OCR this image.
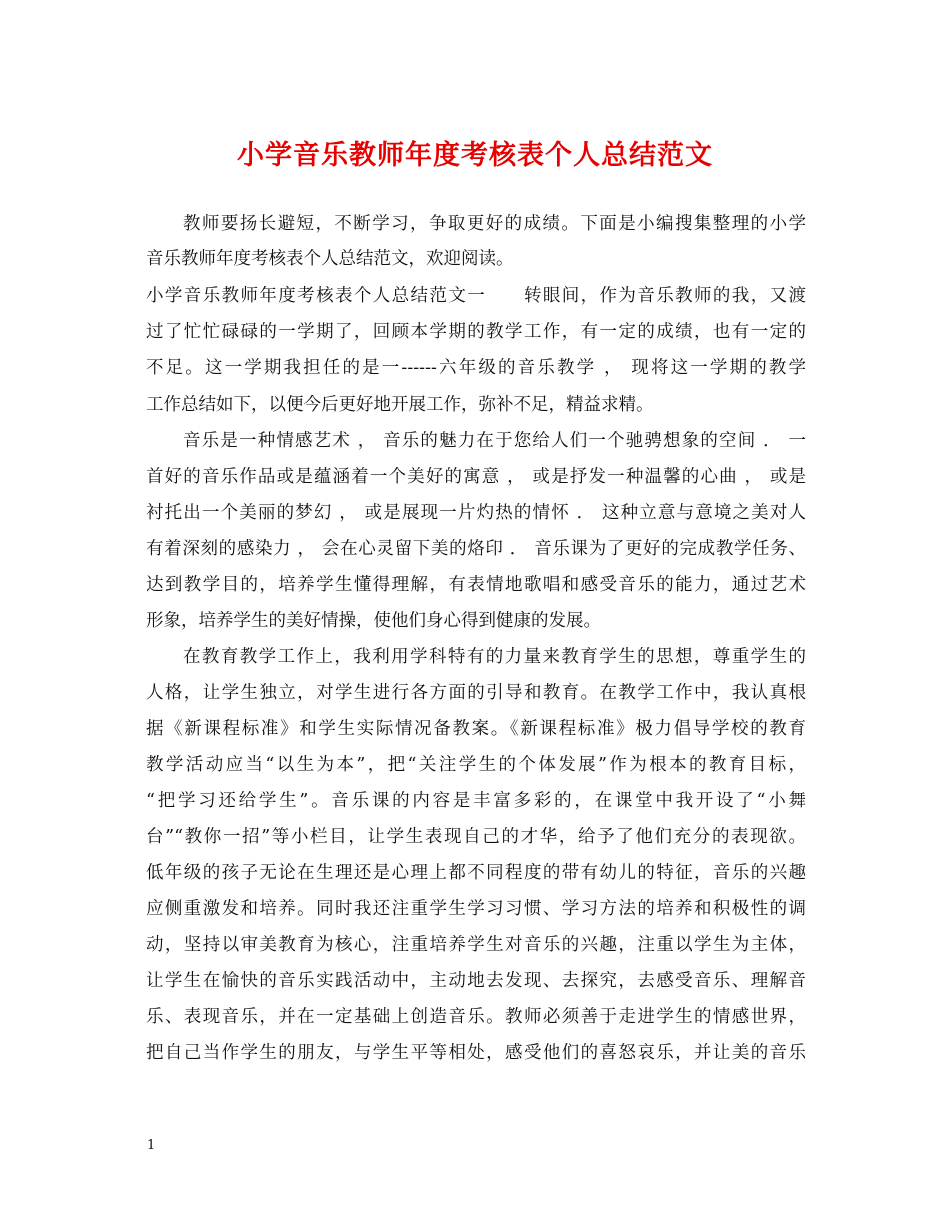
小学音乐教师年度考核表个人总结范文

教师要扬长避短，不断学习，争取更好的成绩。下面是小编搜集整理的小学

音乐教师年度考核表个人总结范文，欢迎阅读。

小学音乐教师年度考核表个人总结范文一　　转眼间，作为音乐教师的我，又渡

过了忙忙碌碌的一学期了，回顾本学期的教学工作，有一定的成绩，也有一定的

不足。这一学期我担任的是一------六年级的音乐教学 ， 现将这一学期的教学

工作总结如下，以便今后更好地开展工作，弥补不足，精益求精。

音乐是一种情感艺术 ， 音乐的魅力在于您给人们一个驰骋想象的空间 ． 一

首好的音乐作品或是蕴涵着一个美好的寓意 ， 或是抒发一种温馨的心曲 ， 或是

衬托出一个美丽的梦幻 ， 或是展现一片灼热的情怀 ． 这种立意与意境之美对人

有着深刻的感染力 ， 会在心灵留下美的烙印 ． 音乐课为了更好的完成教学任务、

达到教学目的，培养学生懂得理解，有表情地歌唱和感受音乐的能力，通过艺术

形象，培养学生的美好情操，使他们身心得到健康的发展。

在教育教学工作上，我利用学科特有的力量来教育学生的思想，尊重学生的

人格，让学生独立，对学生进行各方面的引导和教育。在教学工作中，我认真根

据《新课程标准》和学生实际情况备教案。《新课程标准》极力倡导学校的教育

教学活动应当“以生为本”，把“关注学生的个体发展”作为根本的教育目标，

“把学习还给学生”。音乐课的内容是丰富多彩的，在课堂中我开设了“小舞

台”“教你一招”等小栏目，让学生表现自己的才华，给予了他们充分的表现欲。

低年级的孩子无论在生理还是心理上都不同程度的带有幼儿的特征，音乐的兴趣

应侧重激发和培养。同时我还注重学生学习习惯、学习方法的培养和积极性的调

动，坚持以审美教育为核心，注重培养学生对音乐的兴趣，注重以学生为主体，

让学生在愉快的音乐实践活动中，主动地去发现、去探究，去感受音乐、理解音

乐、表现音乐，并在一定基础上创造音乐。教师必须善于走进学生的情感世界，

把自己当作学生的朋友，与学生平等相处，感受他们的喜怒哀乐，并让美的音乐

1
